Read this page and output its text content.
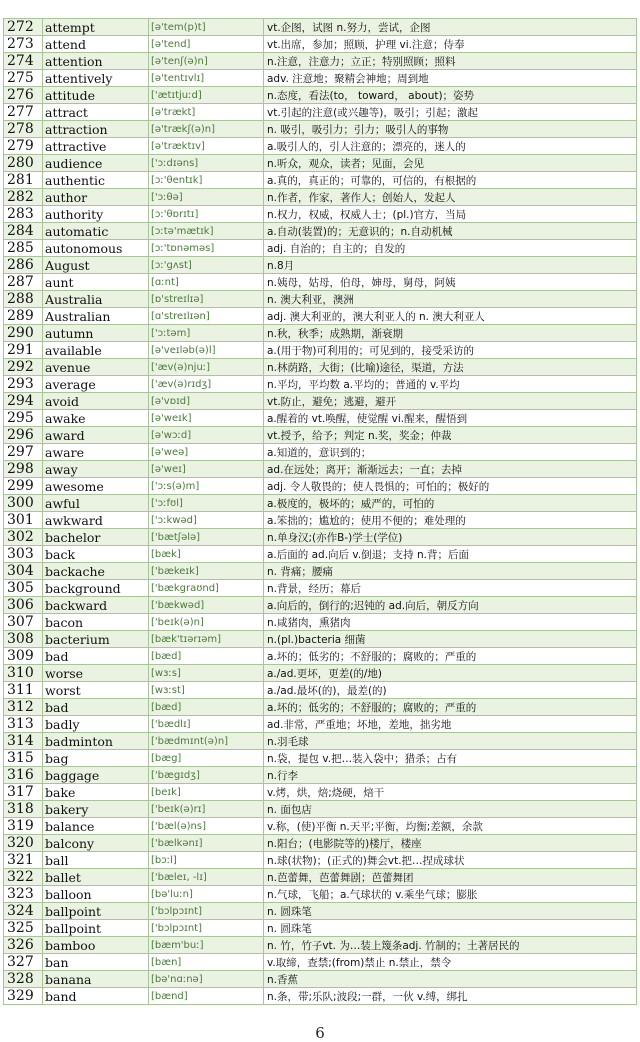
272	attempt	[ə'tem(p)t]	vt.企图，试图 n.努力，尝试，企图
273	attend	[ə'tend]	vt.出席，参加；照顾，护理 vi.注意；侍奉
274	attention	[ə'tenʃ(ə)n]	n.注意，注意力；立正；特别照顾；照料
275	attentively	[ə'tentɪvlɪ]	adv. 注意地；聚精会神地；周到地
276	attitude	['ætɪtjuːd]	n.态度，看法(to， toward， about)；姿势
277	attract	[ə'trækt]	vt.引起的注意(或兴趣等)，吸引；引起；激起
278	attraction	[ə'trækʃ(ə)n]	n. 吸引，吸引力；引力；吸引人的事物
279	attractive	[ə'træktɪv]	a.吸引人的，引人注意的；漂亮的，迷人的
280	audience	['ɔːdɪəns]	n.听众，观众，读者；见面，会见
281	authentic	[ɔː'θentɪk]	a.真的，真正的；可靠的，可信的，有根据的
282	author	['ɔːθə]	n.作者，作家，著作人；创始人，发起人
283	authority	[ɔː'θɒrɪtɪ]	n.权力，权威，权威人士；(pl.)官方，当局
284	automatic	[ɔːtə'mætɪk]	a.自动(装置)的；无意识的；n.自动机械
285	autonomous	[ɔː'tɒnəməs]	adj. 自治的；自主的；自发的
286	August	[ɔː'gʌst]	n.8月
287	aunt	[ɑːnt]	n.姨母，姑母，伯母，婶母，舅母，阿姨
288	Australia	[ɒ'streɪlɪə]	n. 澳大利亚，澳洲
289	Australian	[ɑ'streɪlɪən]	adj. 澳大利亚的，澳大利亚人的 n. 澳大利亚人
290	autumn	['ɔːtəm]	n.秋，秋季；成熟期，渐衰期
291	available	[ə'veɪləb(ə)l]	a.(用于物)可利用的；可见到的，接受采访的
292	avenue	['æv(ə)njuː]	n.林荫路，大街；(比喻)途径，渠道，方法
293	average	['æv(ə)rɪdʒ]	n.平均，平均数 a.平均的；普通的 v.平均
294	avoid	[ə'vɒɪd]	vt.防止，避免；逃避，避开
295	awake	[ə'weɪk]	a.醒着的 vt.唤醒，使觉醒 vi.醒来，醒悟到
296	award	[ə'wɔːd]	vt.授予，给予；判定 n.奖，奖金；仲裁
297	aware	[ə'weə]	a.知道的，意识到的；
298	away	[ə'weɪ]	ad.在远处；离开；渐渐远去；一直；去掉
299	awesome	['ɔːs(ə)m]	adj. 令人敬畏的；使人畏惧的；可怕的；极好的
300	awful	['ɔːfʊl]	a.极度的，极坏的；威严的，可怕的
301	awkward	['ɔːkwəd]	a.笨拙的；尴尬的；使用不便的；难处理的
302	bachelor	['bætʃələ]	n.单身汉;(亦作B-)学士(学位)
303	back	[bæk]	a.后面的 ad.向后 v.倒退；支持 n.背；后面
304	backache	['bækeɪk]	n. 背痛；腰痛
305	background	['bækgraʊnd]	n.背景，经历；幕后
306	backward	['bækwəd]	a.向后的，倒行的;迟钝的 ad.向后，朝反方向
307	bacon	['beɪk(ə)n]	n.咸猪肉，熏猪肉
308	bacterium	[bæk'tɪərɪəm]	n.(pl.)bacteria 细菌
309	bad	[bæd]	a.坏的；低劣的；不舒服的；腐败的；严重的
310	worse	[wɜːs]	a./ad.更坏，更差(的/地)
311	worst	[wɜːst]	a./ad.最坏(的)，最差(的)
312	bad	[bæd]	a.坏的；低劣的；不舒服的；腐败的；严重的
313	badly	['bædlɪ]	ad.非常，严重地；坏地，差地，拙劣地
314	badminton	['bædmɪnt(ə)n]	n.羽毛球
315	bag	[bæg]	n.袋，提包 v.把…装入袋中；猎杀；占有
316	baggage	['bægɪdʒ]	n.行李
317	bake	[beɪk]	v.烤，烘，焙;烧硬，焙干
318	bakery	['beɪk(ə)rɪ]	n. 面包店
319	balance	['bæl(ə)ns]	v.称，(使)平衡 n.天平;平衡，均衡;差额，余款
320	balcony	['bælkənɪ]	n.阳台；(电影院等的)楼厅，楼座
321	ball	[bɔːl]	n.球(状物)；(正式的)舞会vt.把…捏成球状
322	ballet	['bæleɪ, -lɪ]	n.芭蕾舞，芭蕾舞剧；芭蕾舞团
323	balloon	[bə'luːn]	n.气球，飞船；a.气球状的 v.乘坐气球；膨胀
324	ballpoint	['bɔlpɔɪnt]	n. 圆珠笔
325	ballpoint	['bɔlpɔɪnt]	n. 圆珠笔
326	bamboo	[bæm'buː]	n. 竹，竹子vt. 为…装上篾条adj. 竹制的；土著居民的
327	ban	[bæn]	v.取缔，查禁;(from)禁止 n.禁止，禁令
328	banana	[bə'nɑːnə]	n.香蕉
329	band	[bænd]	n.条，带;乐队;波段;一群，一伙 v.缚，绑扎
6
